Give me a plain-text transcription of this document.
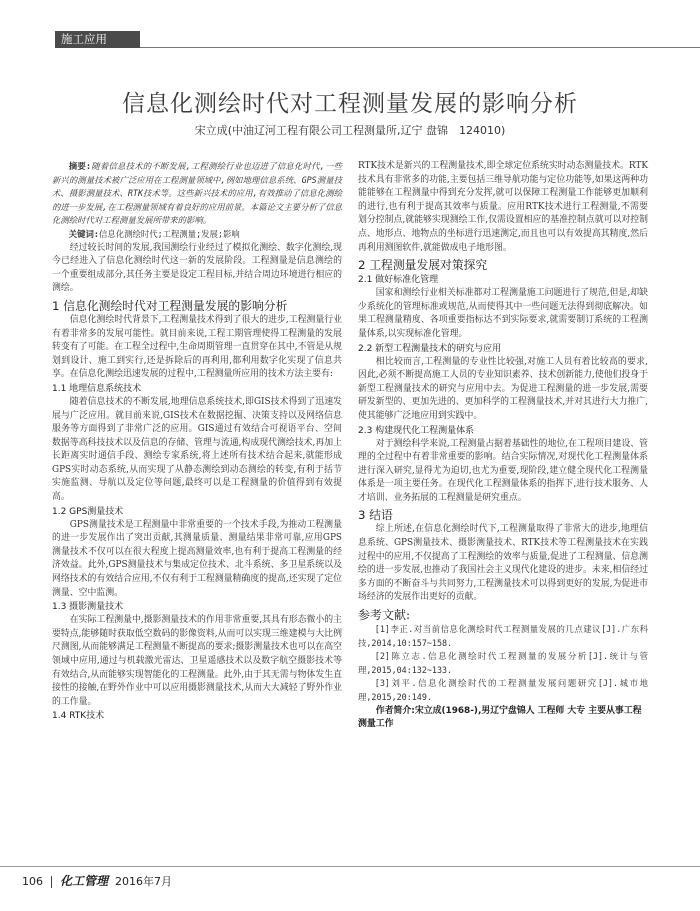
施工应用
信息化测绘时代对工程测量发展的影响分析
宋立成(中油辽河工程有限公司工程测量所,辽宁 盘锦　124010)

摘要:随着信息技术的不断发展,工程测绘行业也迈进了信息化时代,一些新兴的测量技术被广泛应用在工程测量领域中,例如地理信息系统、GPS测量技术、摄影测量技术、RTK技术等。这些新兴技术的应用,有效推动了信息化测绘的进一步发展,在工程测量领域有着良好的应用前景。本篇论文主要分析了信息化测绘时代对工程测量发展所带来的影响。

关键词:信息化测绘时代;工程测量;发展;影响

经过较长时间的发展,我国测绘行业经过了模拟化测绘、数字化测绘,现今已经进入了信息化测绘时代这一新的发展阶段。工程测量是信息测绘的一个重要组成部分,其任务主要是设定工程目标,并结合周边环境进行相应的测绘。

1 信息化测绘时代对工程测量发展的影响分析

信息化测绘时代背景下,工程测量技术得到了很大的进步,工程测量行业有着非常多的发展可能性。就目前来说,工程工期管理使得工程测量的发展转变有了可能。在工程全过程中,生命周期管理一直贯穿在其中,不管是从规划到设计、施工到实行,还是拆除后的再利用,都利用数字化实现了信息共享。在信息化测绘迅速发展的过程中,工程测量所应用的技术方法主要有:

1.1 地理信息系统技术

随着信息技术的不断发展,地理信息系统技术,即GIS技术得到了迅速发展与广泛应用。就目前来说,GIS技术在数据挖掘、决策支持以及网络信息服务等方面得到了非常广泛的应用。GIS通过有效结合可视语平台、空间数据等高科技技术以及信息的存储、管理与流通,构成现代测绘技术,再加上长距离实时通信手段、测绘专家系统,将上述所有技术结合起来,就能形成GPS实时动态系统,从而实现了从静态测绘到动态测绘的转变,有利于括节实施监测、导航以及定位等问题,最终可以是工程测量的价值得到有效提高。

1.2 GPS测量技术

GPS测量技术是工程测量中非常重要的一个技术手段,为推动工程测量的进一步发展作出了突出贡献,其测量质量、测量结果非常可靠,应用GPS测量技术不仅可以在很大程度上提高测量效率,也有利于提高工程测量的经济效益。此外,GPS测量技术与集成定位技术、北斗系统、多卫星系统以及网络技术的有效结合应用,不仅有利于工程测量精确度的提高,还实现了定位测量、空中监测。

1.3 摄影测量技术

在实际工程测量中,摄影测量技术的作用非常重要,其具有形态微小的主要特点,能够随时获取低空数码的影像资料,从而可以实现三维建模与大比例尺测图,从而能够满足工程测量不断提高的要求;摄影测量技术也可以在高空领域中应用,通过与机载激光雷达、卫星遥感技术以及数字航空摄影技术等有效结合,从而能够实现智能化的工程测量。此外,由于其无需与物体发生直接性的接触,在野外作业中可以应用摄影测量技术,从而大大减轻了野外作业的工作量。

1.4 RTK技术

RTK技术是新兴的工程测量技术,即全球定位系统实时动态测量技术。RTK技术具有非常多的功能,主要包括三维导航功能与定位功能等,如果这两种功能能够在工程测量中得到充分发挥,就可以保障工程测量工作能够更加顺利的进行,也有利于提高其效率与质量。应用RTK技术进行工程测量,不需要划分控制点,就能够实现测绘工作,仅需设置相应的基准控制点就可以对控制点、地形点、地物点的坐标进行迅速测定,而且也可以有效提高其精度,然后再利用测图软件,就能做成电子地形图。

2 工程测量发展对策探究
2.1 做好标准化管理

国家和测绘行业相关标准都对工程测量施工问题进行了规范,但是,却缺少系统化的管理标准或规范,从而使得其中一些问题无法得到彻底解决。如果工程测量精度、各项重要指标达不到实际要求,就需要制订系统的工程测量体系,以实现标准化管理。

2.2 新型工程测量技术的研究与应用

相比较而言,工程测量的专业性比较强,对施工人员有着比较高的要求,因此,必须不断提高施工人员的专业知识素养、技术创新能力,使他们投身于新型工程测量技术的研究与应用中去。为促进工程测量的进一步发展,需要研发新型的、更加先进的、更加科学的工程测量技术,并对其进行大力推广,使其能够广泛地应用到实践中。

2.3 构建现代化工程测量体系

对于测绘科学来说,工程测量占据着基础性的地位,在工程项目建设、管理的全过程中有着非常重要的影响。结合实际情况,对现代化工程测量体系进行深入研究,显得尤为迫切,也尤为重要,现阶段,建立健全现代化工程测量体系是一项主要任务。在现代化工程测量体系的指挥下,进行技术服务、人才培训、业务拓展的工程测量是研究重点。

3 结语

综上所述,在信息化测绘时代下,工程测量取得了非常大的进步,地理信息系统、GPS测量技术、摄影测量技术、RTK技术等工程测量技术在实践过程中的应用,不仅提高了工程测绘的效率与质量,促进了工程测量、信息测绘的进一步发展,也推动了我国社会主义现代化建设的进步。未来,相信经过多方面的不断奋斗与共同努力,工程测量技术可以得到更好的发展,为促进市场经济的发展作出更好的贡献。

参考文献:

[1]李正.对当前信息化测绘时代工程测量发展的几点建议[J].广东科技,2014,10:157~158.

[2]陈立志.信息化测绘时代工程测量的发展分析[J].统计与管理,2015,04:132~133.

[3]刘平.信息化测绘时代的工程测量发展问题研究[J].城市地理,2015,20:149.

作者简介:宋立成(1968-),男辽宁盘锦人 工程师 大专 主要从事工程测量工作

106 化工管理 2016年7月
